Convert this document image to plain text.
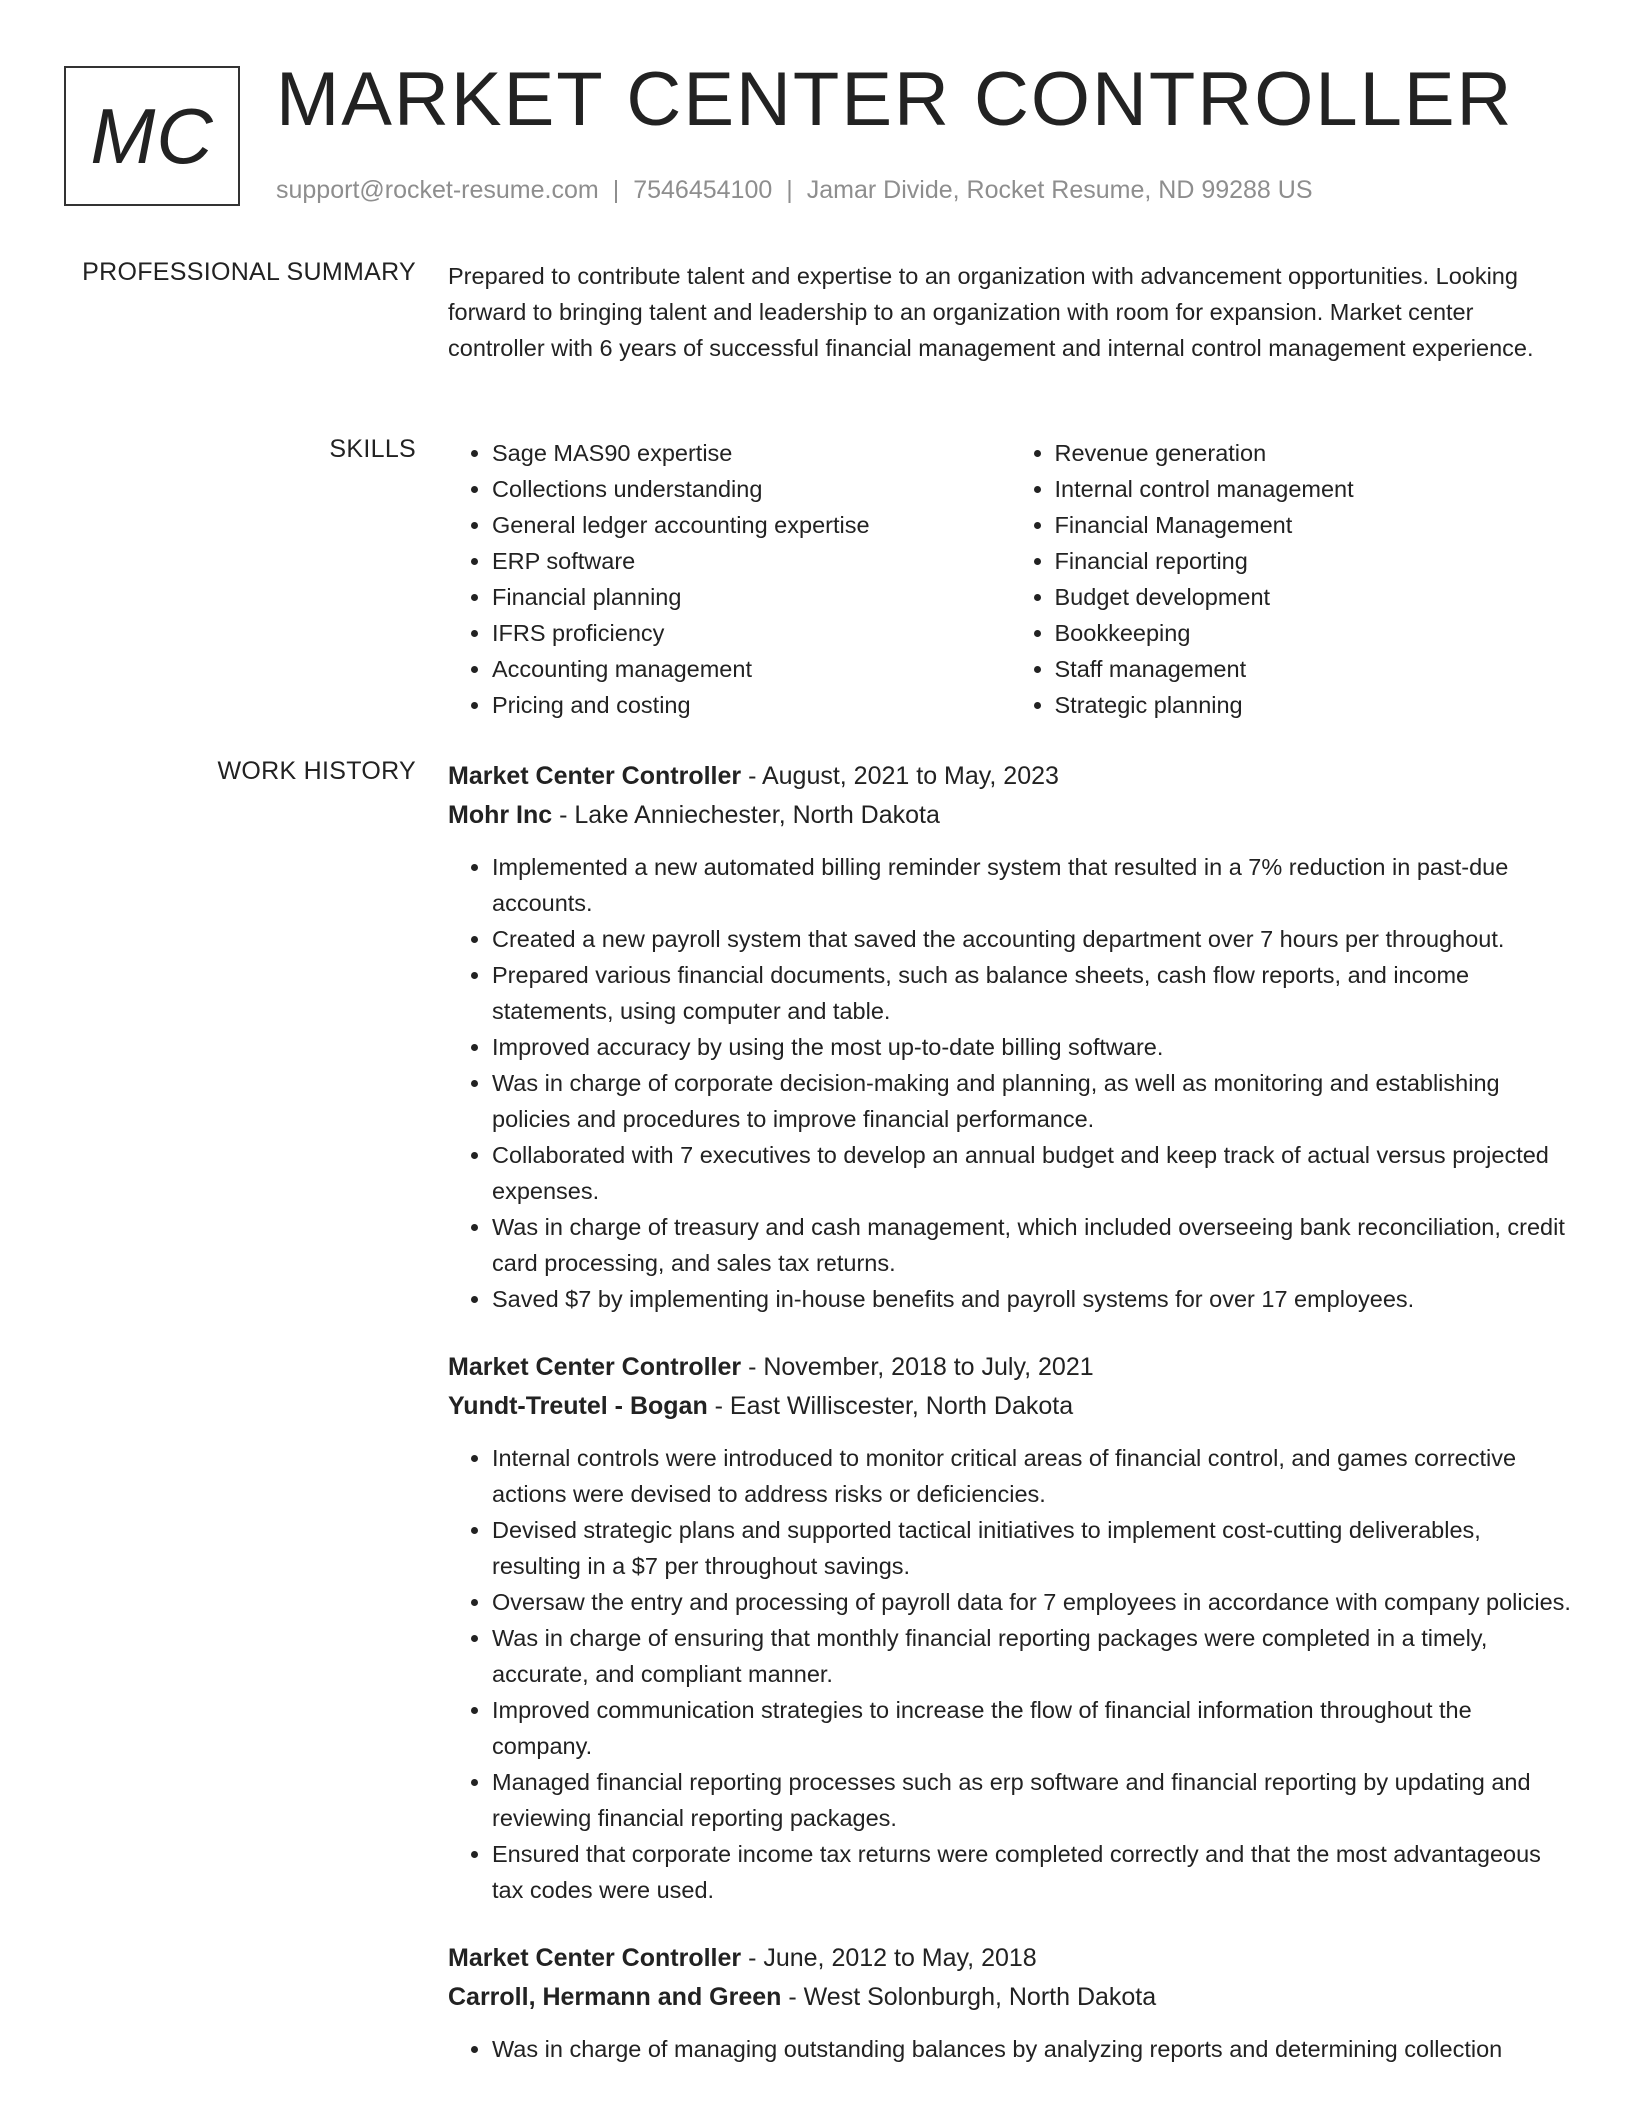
MC MARKET CENTER CONTROLLER
support@rocket-resume.com | 7546454100 | Jamar Divide, Rocket Resume, ND 99288 US
PROFESSIONAL SUMMARY Prepared to contribute talent and expertise to an organization with advancement opportunities. Looking forward to bringing talent and leadership to an organization with room for expansion. Market center controller with 6 years of successful financial management and internal control management experience.

SKILLS
•	Sage MAS90 expertise
• Collections understanding
• General ledger accounting expertise
• ERP software
• Financial planning
• IFRS proficiency
• Accounting management
• Pricing and costing
• Revenue generation
• Internal control management
• Financial Management
• Financial reporting
• Budget development
• Bookkeeping
• Staff management
• Strategic planning
WORK HISTORY Market Center Controller - August, 2021 to May, 2023
Mohr Inc - Lake Anniechester, North Dakota
• Implemented a new automated billing reminder system that resulted in a 7% reduction in past-due accounts.
• Created a new payroll system that saved the accounting department over 7 hours per throughout.
• Prepared various financial documents, such as balance sheets, cash flow reports, and income statements, using computer and table.
• Improved accuracy by using the most up-to-date billing software.
• Was in charge of corporate decision-making and planning, as well as monitoring and establishing policies and procedures to improve financial performance.
• Collaborated with 7 executives to develop an annual budget and keep track of actual versus projected expenses.
• Was in charge of treasury and cash management, which included overseeing bank reconciliation, credit card processing, and sales tax returns.
• Saved $7 by implementing in-house benefits and payroll systems for over 17 employees.
Market Center Controller - November, 2018 to July, 2021
Yundt-Treutel - Bogan - East Williscester, North Dakota
• Internal controls were introduced to monitor critical areas of financial control, and games corrective actions were devised to address risks or deficiencies.
• Devised strategic plans and supported tactical initiatives to implement cost-cutting deliverables, resulting in a $7 per throughout savings.
• Oversaw the entry and processing of payroll data for 7 employees in accordance with company policies.
• Was in charge of ensuring that monthly financial reporting packages were completed in a timely, accurate, and compliant manner.
• Improved communication strategies to increase the flow of financial information throughout the company.
• Managed financial reporting processes such as erp software and financial reporting by updating and reviewing financial reporting packages.
• Ensured that corporate income tax returns were completed correctly and that the most advantageous tax codes were used.
Market Center Controller - June, 2012 to May, 2018
Carroll, Hermann and Green - West Solonburgh, North Dakota
• Was in charge of managing outstanding balances by analyzing reports and determining collection
